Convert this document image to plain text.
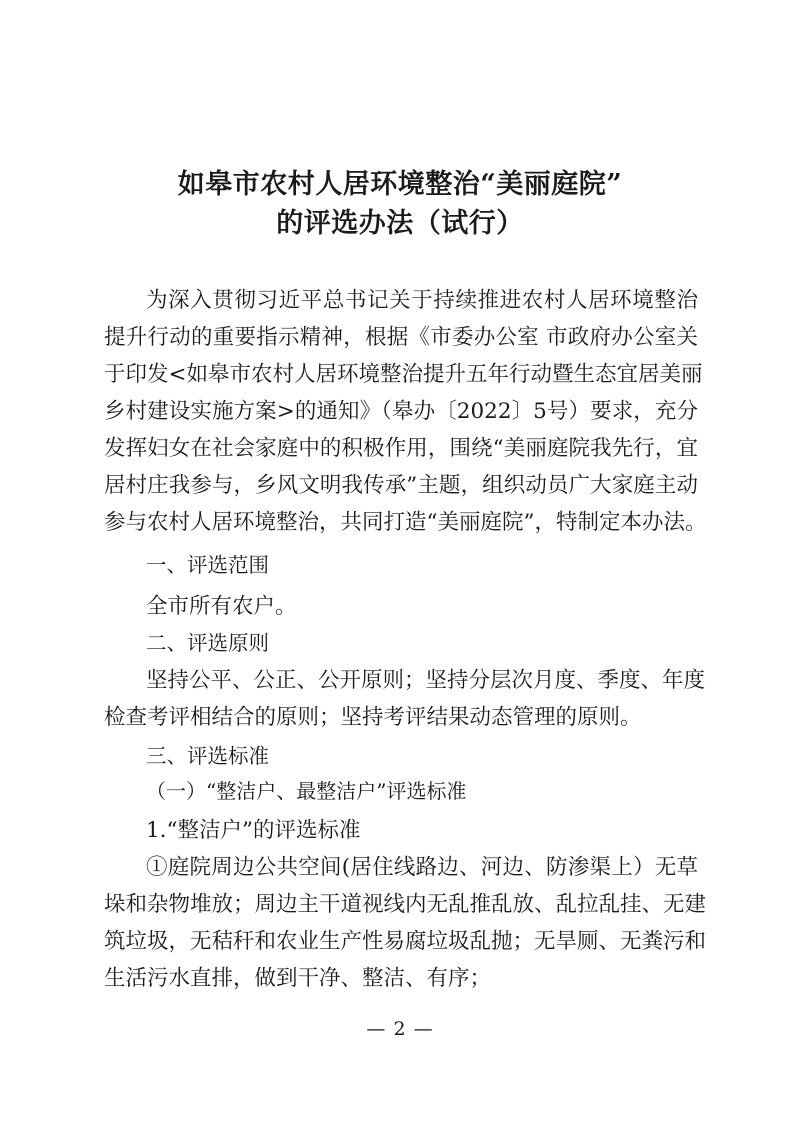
如皋市农村人居环境整治“美丽庭院”
的评选办法（试行）
为深入贯彻习近平总书记关于持续推进农村人居环境整治
提升行动的重要指示精神，根据《市委办公室 市政府办公室关
于印发<如皋市农村人居环境整治提升五年行动暨生态宜居美丽
乡村建设实施方案>的通知》（皋办〔2022〕5号）要求，充分
发挥妇女在社会家庭中的积极作用，围绕“美丽庭院我先行，宜
居村庄我参与，乡风文明我传承”主题，组织动员广大家庭主动
参与农村人居环境整治，共同打造“美丽庭院”，特制定本办法。
一、评选范围
全市所有农户。
二、评选原则
坚持公平、公正、公开原则；坚持分层次月度、季度、年度
检查考评相结合的原则；坚持考评结果动态管理的原则。
三、评选标准
（一）“整洁户、最整洁户”评选标准
1.“整洁户”的评选标准
①庭院周边公共空间(居住线路边、河边、防渗渠上）无草
垛和杂物堆放；周边主干道视线内无乱推乱放、乱拉乱挂、无建
筑垃圾，无秸秆和农业生产性易腐垃圾乱抛；无旱厕、无粪污和
生活污水直排，做到干净、整洁、有序；
— 2 —
